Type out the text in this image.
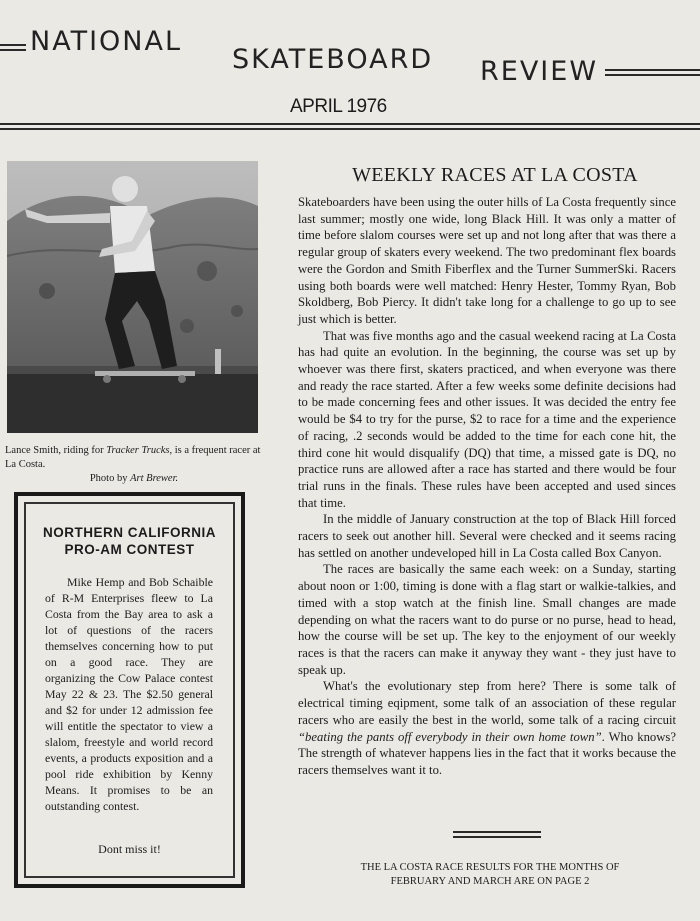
NATIONAL
SKATEBOARD REVIEW
APRIL 1976
Lance Smith, riding for Tracker Trucks, is a frequent racer at La Costa.
Photo by Art Brewer.
NORTHERN CALIFORNIA
PRO-AM CONTEST
Mike Hemp and Bob Schaible of R-M Enterprises fleew to La Costa from the Bay area to ask a lot of questions of the racers themselves concerning how to put on a good race. They are organizing the Cow Palace contest May 22 & 23. The $2.50 general and $2 for under 12 admission fee will entitle the spectator to view a slalom, freestyle and world record events, a products exposition and a pool ride exhibition by Kenny Means. It promises to be an outstanding contest.
Dont miss it!
WEEKLY RACES AT LA COSTA

Skateboarders have been using the outer hills of La Costa frequently since last summer; mostly one wide, long Black Hill. It was only a matter of time before slalom courses were set up and not long after that was there a regular group of skaters every weekend. The two predominant flex boards were the Gordon and Smith Fiberflex and the Turner SummerSki. Racers using both boards were well matched: Henry Hester, Tommy Ryan, Bob Skoldberg, Bob Piercy. It didn't take long for a challenge to go up to see just which is better.

That was five months ago and the casual weekend racing at La Costa has had quite an evolution. In the beginning, the course was set up by whoever was there first, skaters practiced, and when everyone was there and ready the race started. After a few weeks some definite decisions had to be made concerning fees and other issues. It was decided the entry fee would be $4 to try for the purse, $2 to race for a time and the experience of racing, .2 seconds would be added to the time for each cone hit, the third cone hit would disqualify (DQ) that time, a missed gate is DQ, no practice runs are allowed after a race has started and there would be four trial runs in the finals. These rules have been accepted and used sinces that time.

In the middle of January construction at the top of Black Hill forced racers to seek out another hill. Several were checked and it seems racing has settled on another undeveloped hill in La Costa called Box Canyon.

The races are basically the same each week: on a Sunday, starting about noon or 1:00, timing is done with a flag start or walkie-talkies, and timed with a stop watch at the finish line. Small changes are made depending on what the racers want to do purse or no purse, head to head, how the course will be set up. The key to the enjoyment of our weekly races is that the racers can make it anyway they want - they just have to speak up.

What's the evolutionary step from here? There is some talk of electrical timing eqipment, some talk of an association of these regular racers who are easily the best in the world, some talk of a racing circuit “beating the pants off everybody in their own home town”. Who knows? The strength of whatever happens lies in the fact that it works because the racers themselves want it to.

THE LA COSTA RACE RESULTS FOR THE MONTHS OF
FEBRUARY AND MARCH ARE ON PAGE 2
